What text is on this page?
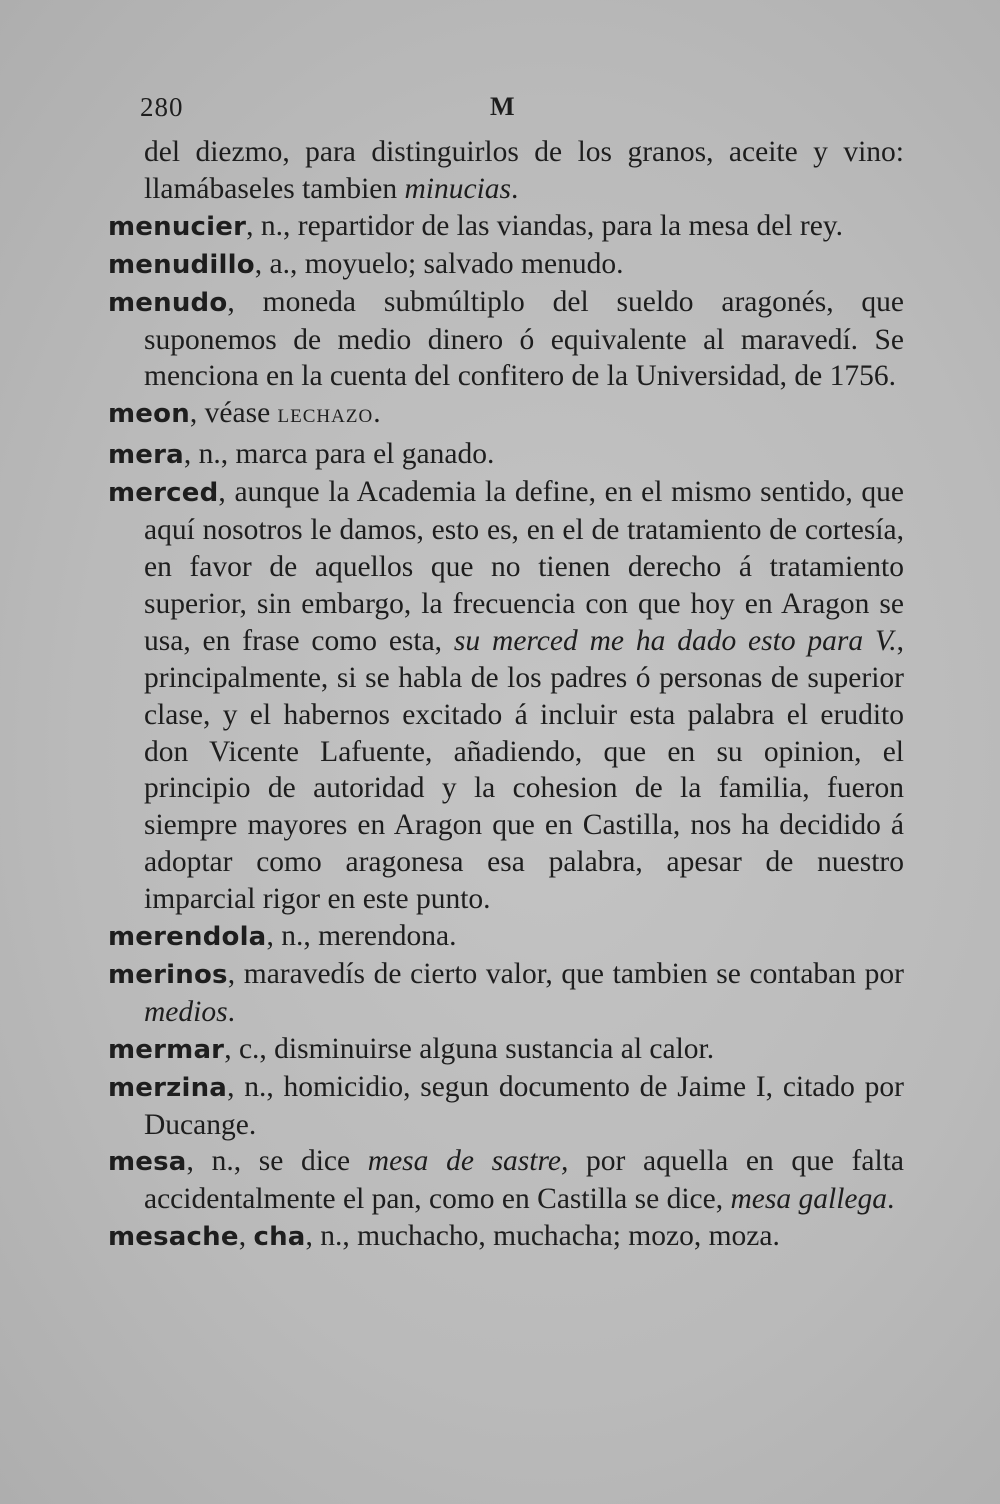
280	M

del diezmo, para distinguirlos de los granos, aceite y vino: llamábaseles tambien minucias.

menucier, n., repartidor de las viandas, para la mesa del rey.

menudillo, a., moyuelo; salvado menudo.

menudo, moneda submúltiplo del sueldo aragonés, que suponemos de medio dinero ó equivalente al maravedí. Se menciona en la cuenta del confitero de la Universidad, de 1756.

meon, véase LECHAZO.

mera, n., marca para el ganado.

merced, aunque la Academia la define, en el mismo sentido, que aquí nosotros le damos, esto es, en el de tratamiento de cortesía, en favor de aquellos que no tienen derecho á tratamiento superior, sin embargo, la frecuencia con que hoy en Aragon se usa, en frase como esta, su merced me ha dado esto para V., principalmente, si se habla de los padres ó personas de superior clase, y el habernos excitado á incluir esta palabra el erudito don Vicente Lafuente, añadiendo, que en su opinion, el principio de autoridad y la cohesion de la familia, fueron siempre mayores en Aragon que en Castilla, nos ha decidido á adoptar como aragonesa esa palabra, apesar de nuestro imparcial rigor en este punto.

merendola, n., merendona.

merinos, maravedís de cierto valor, que tambien se contaban por medios.

mermar, c., disminuirse alguna sustancia al calor.

merzina, n., homicidio, segun documento de Jaime I, citado por Ducange.

mesa, n., se dice mesa de sastre, por aquella en que falta accidentalmente el pan, como en Castilla se dice, mesa gallega.

mesache, cha, n., muchacho, muchacha; mozo, moza.
